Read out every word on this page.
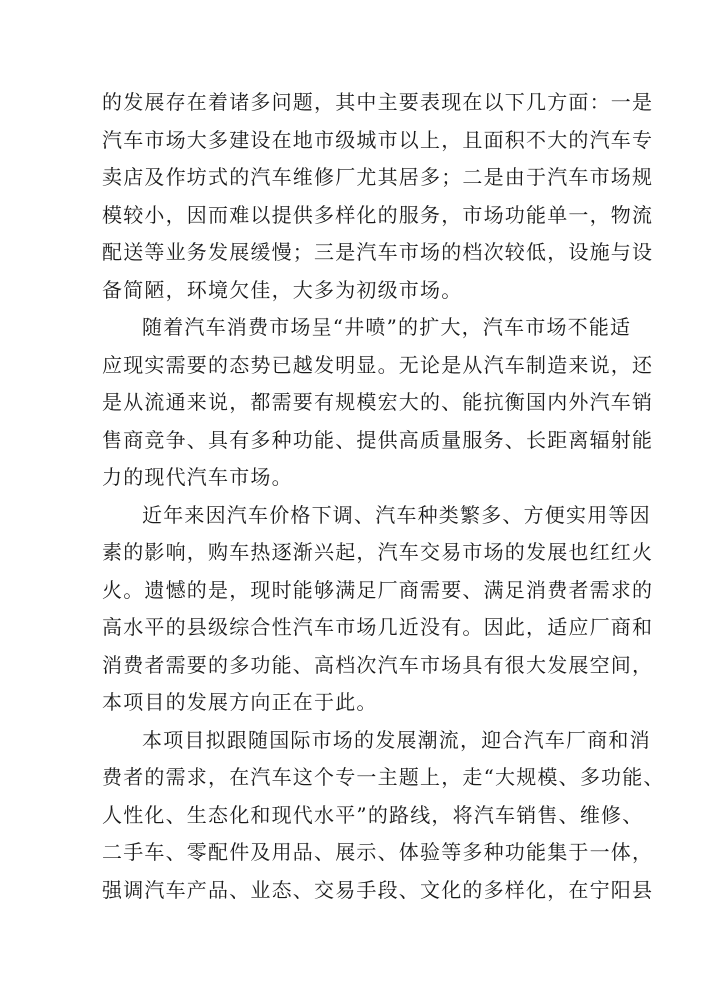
的发展存在着诸多问题，其中主要表现在以下几方面：一是
汽车市场大多建设在地市级城市以上，且面积不大的汽车专
卖店及作坊式的汽车维修厂尤其居多；二是由于汽车市场规
模较小，因而难以提供多样化的服务，市场功能单一，物流
配送等业务发展缓慢；三是汽车市场的档次较低，设施与设
备简陋，环境欠佳，大多为初级市场。
随着汽车消费市场呈“井喷”的扩大，汽车市场不能适
应现实需要的态势已越发明显。无论是从汽车制造来说，还
是从流通来说，都需要有规模宏大的、能抗衡国内外汽车销
售商竞争、具有多种功能、提供高质量服务、长距离辐射能
力的现代汽车市场。
近年来因汽车价格下调、汽车种类繁多、方便实用等因
素的影响，购车热逐渐兴起，汽车交易市场的发展也红红火
火。遗憾的是，现时能够满足厂商需要、满足消费者需求的
高水平的县级综合性汽车市场几近没有。因此，适应厂商和
消费者需要的多功能、高档次汽车市场具有很大发展空间，
本项目的发展方向正在于此。
本项目拟跟随国际市场的发展潮流，迎合汽车厂商和消
费者的需求，在汽车这个专一主题上，走“大规模、多功能、
人性化、生态化和现代水平”的路线，将汽车销售、维修、
二手车、零配件及用品、展示、体验等多种功能集于一体，
强调汽车产品、业态、交易手段、文化的多样化，在宁阳县
